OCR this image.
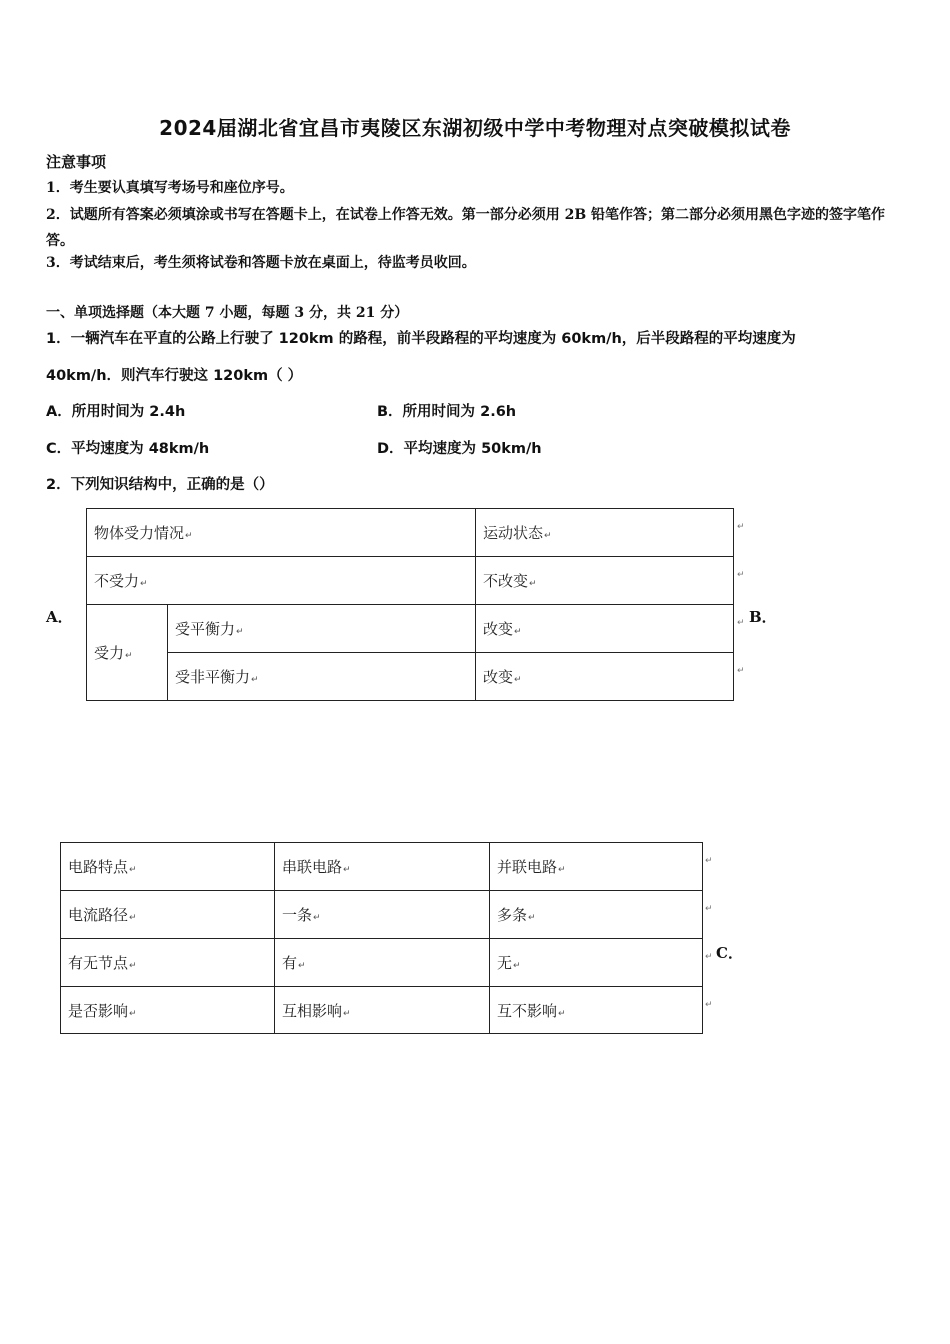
2024届湖北省宜昌市夷陵区东湖初级中学中考物理对点突破模拟试卷
注意事项
1．考生要认真填写考场号和座位序号。
2．试题所有答案必须填涂或书写在答题卡上，在试卷上作答无效。第一部分必须用 2B 铅笔作答；第二部分必须用黑色字迹的签字笔作答。
3．考试结束后，考生须将试卷和答题卡放在桌面上，待监考员收回。
一、单项选择题（本大题 7 小题，每题 3 分，共 21 分）
1．一辆汽车在平直的公路上行驶了 120km 的路程，前半段路程的平均速度为 60km/h，后半段路程的平均速度为
40km/h．则汽车行驶这 120km（ ）
A．所用时间为 2.4h	B．所用时间为 2.6h
C．平均速度为 48km/h	D．平均速度为 50km/h
2．下列知识结构中，正确的是（）
A．
物体受力情况↵		运动状态↵
不受力↵		不改变↵
受力↵	受平衡力↵	改变↵
	受非平衡力↵	改变↵
B．
电路特点↵	串联电路↵	并联电路↵
电流路径↵	一条↵	多条↵
有无节点↵	有↵	无↵
是否影响↵	互相影响↵	互不影响↵
C．
↵
↵
↵
↵
↵
↵
↵
↵
